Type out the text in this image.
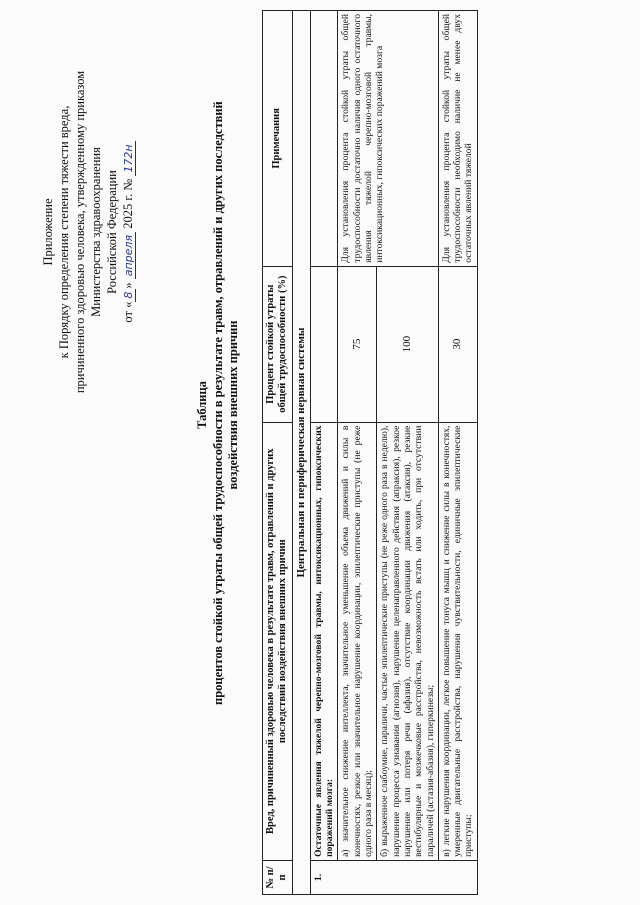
Приложение к Порядку определения степени тяжести вреда, причиненного здоровью человека, утвержденному приказом Министерства здравоохранения Российской Федерации
от «8» апреля 2025 г. № 172н
Таблица процентов стойкой утраты общей трудоспособности в результате травм, отравлений и других последствий воздействия внешних причин
№ п/п	Вред, причиненный здоровью человека в результате травм, отравлений и других последствий воздействия внешних причин	Процент стойкой утраты общей трудоспособности (%)	Примечания
Центральная и периферическая нервная системы			
1.	Остаточные явления тяжелой черепно-мозговой травмы, интоксикационных, гипоксических поражений мозга:		
	а) значительное снижение интеллекта, значительное уменьшение объема движений и силы в конечностях, резкое или значительное нарушение координации, эпилептические приступы (не реже одного раза в месяц);	75	Для установления процента стойкой утраты общей трудоспособности достаточно наличия одного остаточного явления тяжелой черепно-мозговой травмы, интоксикационных, гипоксических поражений мозга
	б) выраженное слабоумие, параличи, частые эпилептические приступы (не реже одного раза в неделю), нарушение процесса узнавания (агнозия), нарушение целенаправленного действия (апраксия), резкое нарушение или потеря речи (афазия), отсутствие координации движения (атаксия), резкие вестибулярные и мозжечковые расстройства, невозможность встать или ходить, при отсутствии параличей (астазия-абазия), гиперкинезы;	100	
	в) легкие нарушения координации, легкое повышение тонуса мышц и снижение силы в конечностях, умеренные двигательные расстройства, нарушения чувствительности, единичные эпилептические приступы;	30	Для установления процента стойкой утраты общей трудоспособности необходимо наличие не менее двух остаточных явлений тяжелой
